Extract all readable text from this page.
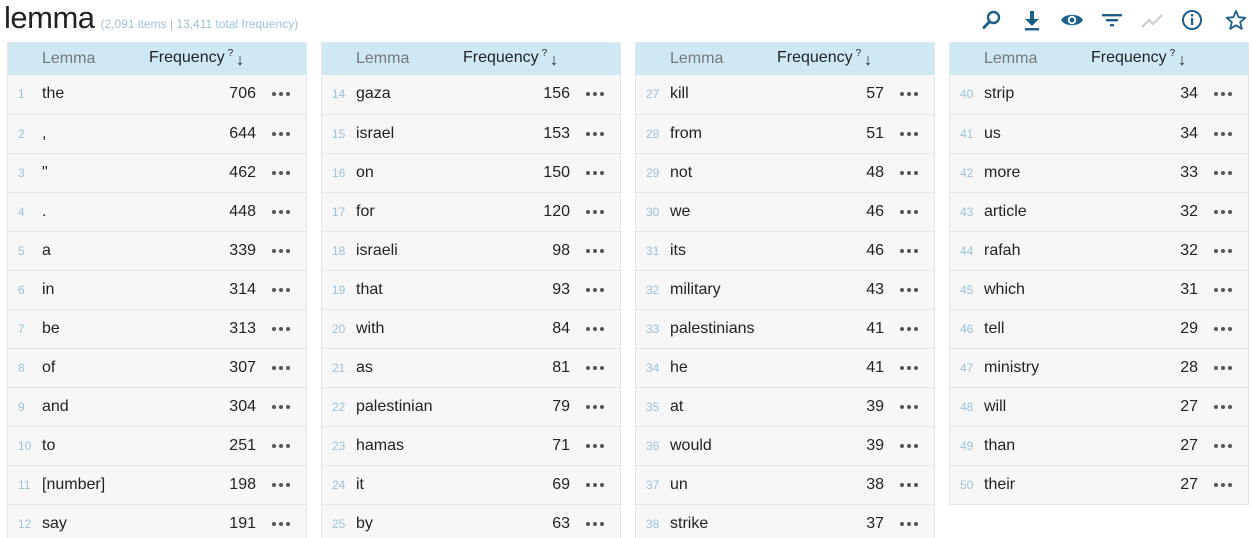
lemma (2,091 items | 13,411 total frequency)
Lemma	Frequency ? ↓
1 the	706
2 ,	644
3 "	462
4 .	448
5 a	339
6 in	314
7 be	313
8 of	307
9 and	304
10 to	251
11 [number]	198
12 say	191
Lemma	Frequency ? ↓
14 gaza	156
15 israel	153
16 on	150
17 for	120
18 israeli	98
19 that	93
20 with	84
21 as	81
22 palestinian	79
23 hamas	71
24 it	69
25 by	63
Lemma	Frequency ? ↓
27 kill	57
28 from	51
29 not	48
30 we	46
31 its	46
32 military	43
33 palestinians	41
34 he	41
35 at	39
36 would	39
37 un	38
38 strike	37
Lemma	Frequency ? ↓
40 strip	34
41 us	34
42 more	33
43 article	32
44 rafah	32
45 which	31
46 tell	29
47 ministry	28
48 will	27
49 than	27
50 their	27
